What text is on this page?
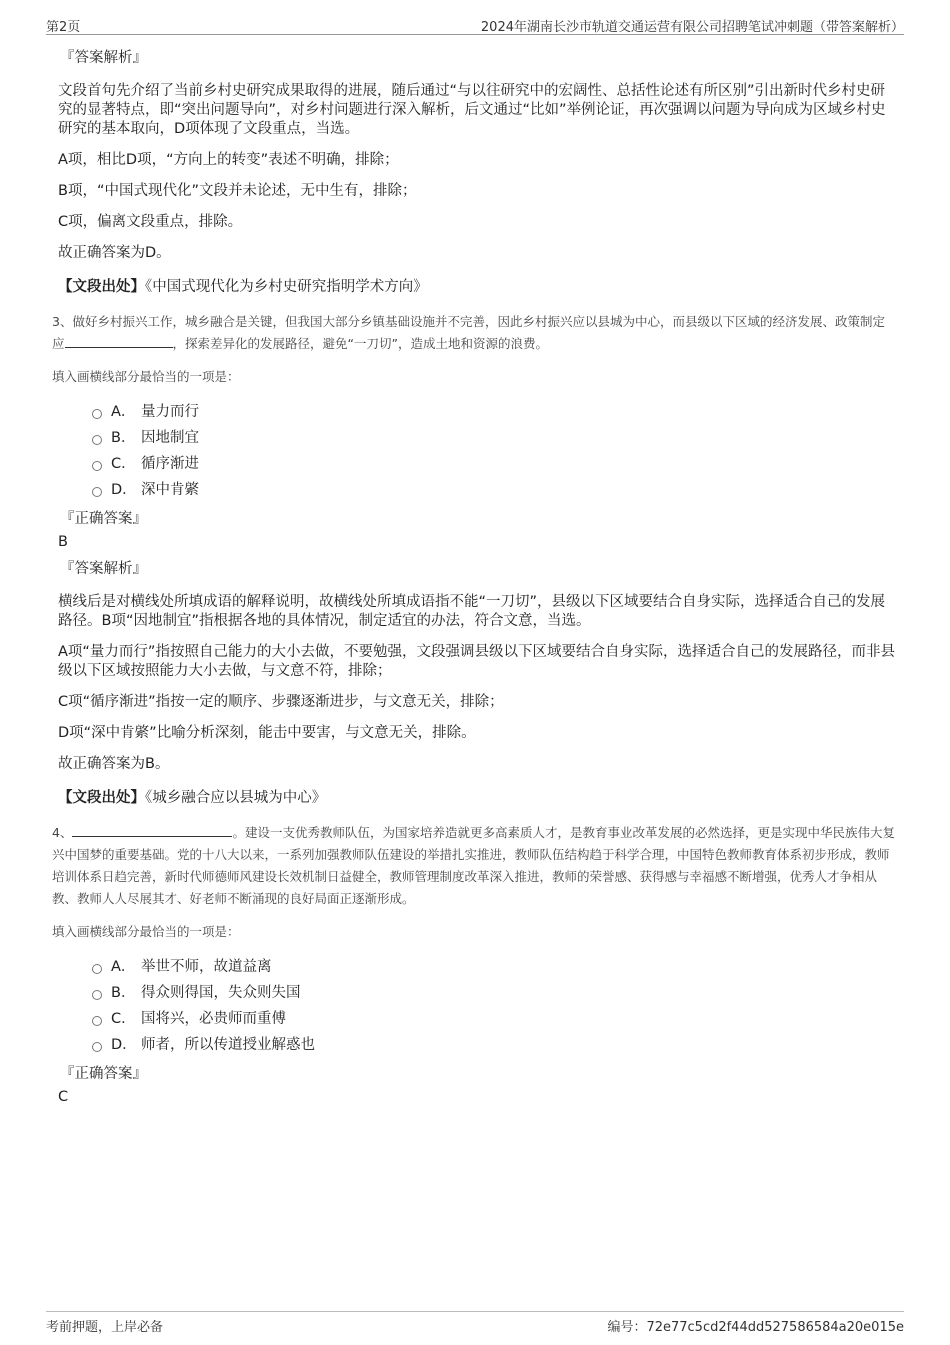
第2页	2024年湖南长沙市轨道交通运营有限公司招聘笔试冲刺题（带答案解析）
『答案解析』
文段首句先介绍了当前乡村史研究成果取得的进展，随后通过“与以往研究中的宏阔性、总括性论述有所区别”引出新时代乡村史研究的显著特点，即“突出问题导向”，对乡村问题进行深入解析，后文通过“比如”举例论证，再次强调以问题为导向成为区域乡村史研究的基本取向，D项体现了文段重点，当选。
A项，相比D项，“方向上的转变”表述不明确，排除；
B项，“中国式现代化”文段并未论述，无中生有，排除；
C项，偏离文段重点，排除。
故正确答案为D。
【文段出处】《中国式现代化为乡村史研究指明学术方向》
3、做好乡村振兴工作，城乡融合是关键，但我国大部分乡镇基础设施并不完善，因此乡村振兴应以县城为中心，而县级以下区域的经济发展、政策制定应	，探索差异化的发展路径，避免“一刀切”，造成土地和资源的浪费。
填入画横线部分最恰当的一项是：
A． 量力而行
B． 因地制宜
C． 循序渐进
D． 深中肯綮
『正确答案』
B
『答案解析』
横线后是对横线处所填成语的解释说明，故横线处所填成语指不能“一刀切”，县级以下区域要结合自身实际，选择适合自己的发展路径。B项“因地制宜”指根据各地的具体情况，制定适宜的办法，符合文意，当选。
A项“量力而行”指按照自己能力的大小去做，不要勉强，文段强调县级以下区域要结合自身实际，选择适合自己的发展路径，而非县级以下区域按照能力大小去做，与文意不符，排除；
C项“循序渐进”指按一定的顺序、步骤逐渐进步，与文意无关，排除；
D项“深中肯綮”比喻分析深刻，能击中要害，与文意无关，排除。
故正确答案为B。
【文段出处】《城乡融合应以县城为中心》
4、	。建设一支优秀教师队伍，为国家培养造就更多高素质人才，是教育事业改革发展的必然选择，更是实现中华民族伟大复兴中国梦的重要基础。党的十八大以来，一系列加强教师队伍建设的举措扎实推进，教师队伍结构趋于科学合理，中国特色教师教育体系初步形成，教师培训体系日趋完善，新时代师德师风建设长效机制日益健全，教师管理制度改革深入推进，教师的荣誉感、获得感与幸福感不断增强，优秀人才争相从教、教师人人尽展其才、好老师不断涌现的良好局面正逐渐形成。
填入画横线部分最恰当的一项是：
A． 举世不师，故道益离
B． 得众则得国，失众则失国
C． 国将兴，必贵师而重傅
D． 师者，所以传道授业解惑也
『正确答案』
C
考前押题，上岸必备	编号：72e77c5cd2f44dd527586584a20e015e
